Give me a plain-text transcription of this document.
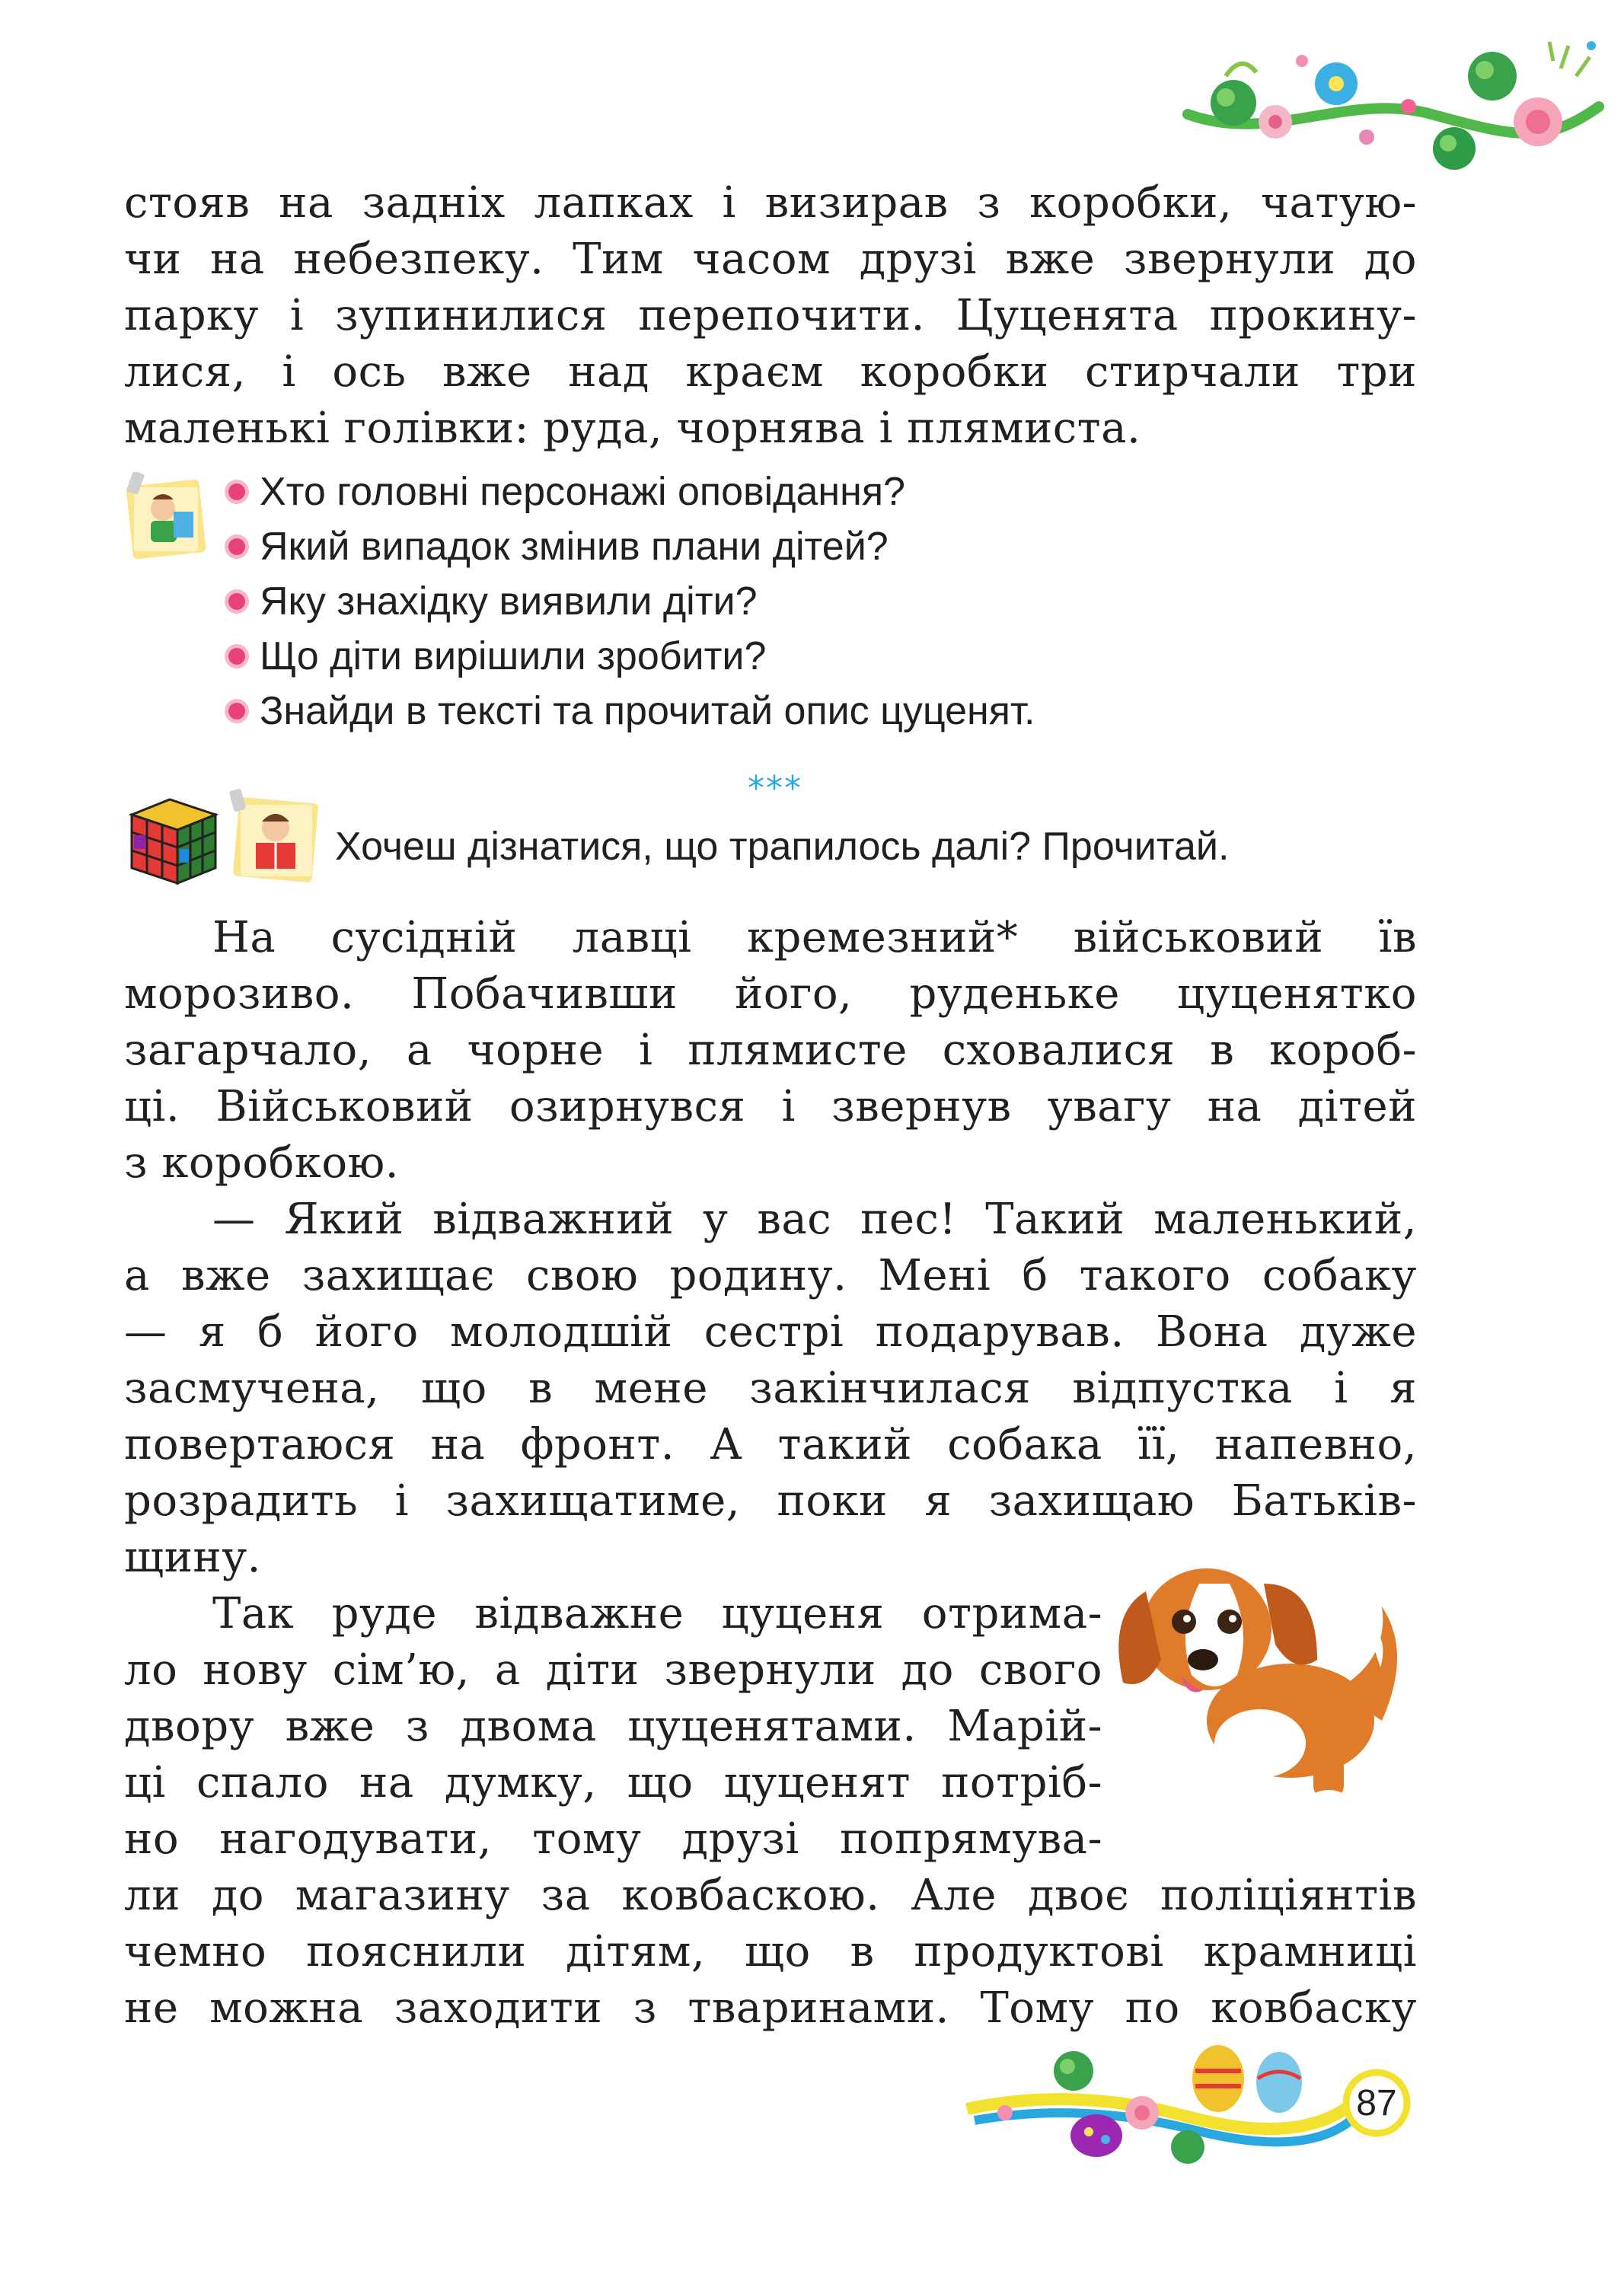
стояв на задніх лапках і визирав з коробки, чатую-
чи на небезпеку. Тим часом друзі вже звернули до
парку і зупинилися перепочити. Цуценята прокину-
лися, і ось вже над краєм коробки стирчали три
маленькі голівки: руда, чорнява і плямиста.
Хто головні персонажі оповідання?
Який випадок змінив плани дітей?
Яку знахідку виявили діти?
Що діти вирішили зробити?
Знайди в тексті та прочитай опис цуценят.
***
Хочеш дізнатися, що трапилось далі? Прочитай.
На сусідній лавці кремезний* військовий їв
морозиво. Побачивши його, руденьке цуценятко
загарчало, а чорне і плямисте сховалися в короб-
ці. Військовий озирнувся і звернув увагу на дітей
з коробкою.
— Який відважний у вас пес! Такий маленький,
а вже захищає свою родину. Мені б такого собаку
— я б його молодшій сестрі подарував. Вона дуже
засмучена, що в мене закінчилася відпустка і я
повертаюся на фронт. А такий собака її, напевно,
розрадить і захищатиме, поки я захищаю Батьків-
щину.
Так руде відважне цуценя отрима-
ло нову сім’ю, а діти звернули до свого
двору вже з двома цуценятами. Марій-
ці спало на думку, що цуценят потріб-
но нагодувати, тому друзі попрямува-
ли до магазину за ковбаскою. Але двоє поліціянтів
чемно пояснили дітям, що в продуктові крамниці
не можна заходити з тваринами. Тому по ковбаску
87
